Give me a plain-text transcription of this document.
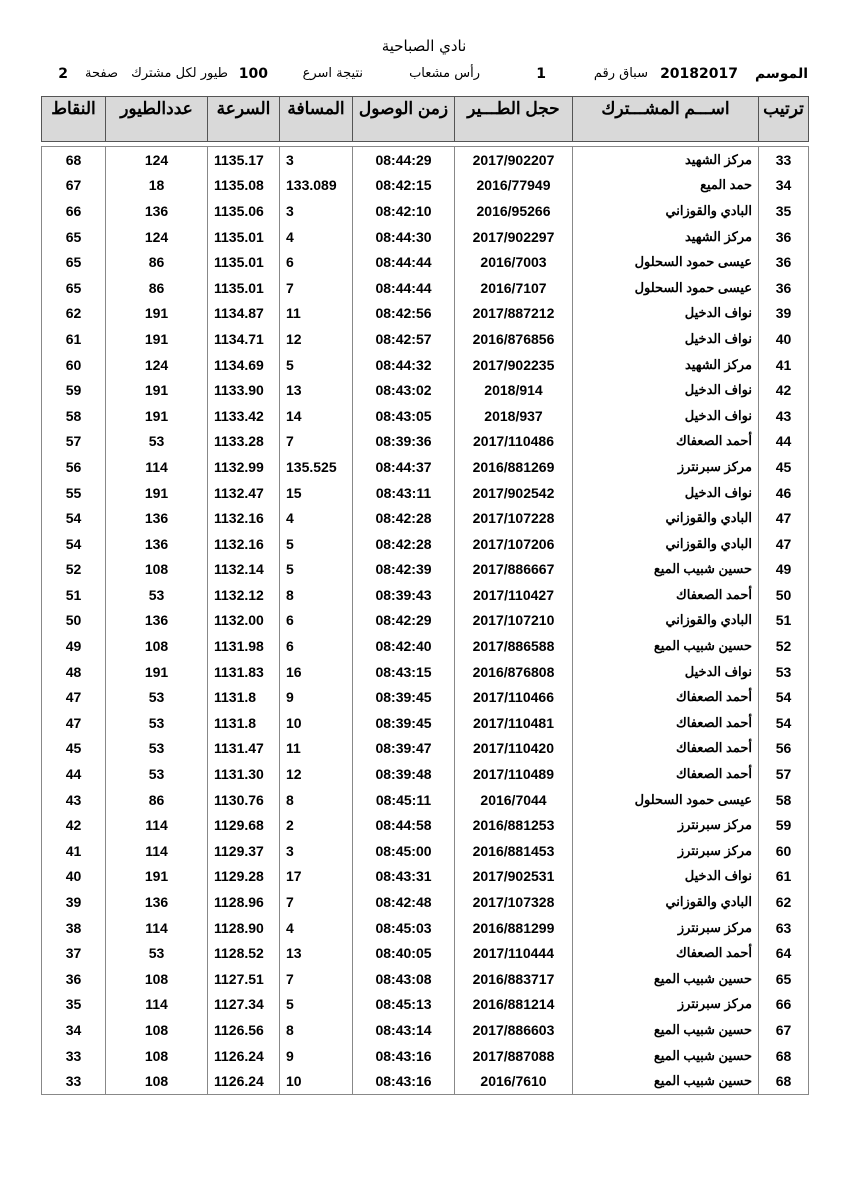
نادي الصباحية
الموسم
20182017
سباق رقم
1
رأس مشعاب
نتيجة اسرع
100
طيور لكل مشترك
صفحة
2
ترتيب	اســـم المشـــترك	حجل الطـــير	زمن الوصول	المسافة	السرعة	عددالطيور	النقاط

33	مركز الشهيد	2017/902207	08:44:29	3	1135.17	124	68
34	حمد الميع	2016/77949	08:42:15	133.089	1135.08	18	67
35	البادي والقوزاني	2016/95266	08:42:10	3	1135.06	136	66
36	مركز الشهيد	2017/902297	08:44:30	4	1135.01	124	65
36	عيسى حمود السحلول	2016/7003	08:44:44	6	1135.01	86	65
36	عيسى حمود السحلول	2016/7107	08:44:44	7	1135.01	86	65
39	نواف الدخيل	2017/887212	08:42:56	11	1134.87	191	62
40	نواف الدخيل	2016/876856	08:42:57	12	1134.71	191	61
41	مركز الشهيد	2017/902235	08:44:32	5	1134.69	124	60
42	نواف الدخيل	2018/914	08:43:02	13	1133.90	191	59
43	نواف الدخيل	2018/937	08:43:05	14	1133.42	191	58
44	أحمد الصعفاك	2017/110486	08:39:36	7	1133.28	53	57
45	مركز سبرنترز	2016/881269	08:44:37	135.525	1132.99	114	56
46	نواف الدخيل	2017/902542	08:43:11	15	1132.47	191	55
47	البادي والقوزاني	2017/107228	08:42:28	4	1132.16	136	54
47	البادي والقوزاني	2017/107206	08:42:28	5	1132.16	136	54
49	حسين شبيب الميع	2017/886667	08:42:39	5	1132.14	108	52
50	أحمد الصعفاك	2017/110427	08:39:43	8	1132.12	53	51
51	البادي والقوزاني	2017/107210	08:42:29	6	1132.00	136	50
52	حسين شبيب الميع	2017/886588	08:42:40	6	1131.98	108	49
53	نواف الدخيل	2016/876808	08:43:15	16	1131.83	191	48
54	أحمد الصعفاك	2017/110466	08:39:45	9	1131.8	53	47
54	أحمد الصعفاك	2017/110481	08:39:45	10	1131.8	53	47
56	أحمد الصعفاك	2017/110420	08:39:47	11	1131.47	53	45
57	أحمد الصعفاك	2017/110489	08:39:48	12	1131.30	53	44
58	عيسى حمود السحلول	2016/7044	08:45:11	8	1130.76	86	43
59	مركز سبرنترز	2016/881253	08:44:58	2	1129.68	114	42
60	مركز سبرنترز	2016/881453	08:45:00	3	1129.37	114	41
61	نواف الدخيل	2017/902531	08:43:31	17	1129.28	191	40
62	البادي والقوزاني	2017/107328	08:42:48	7	1128.96	136	39
63	مركز سبرنترز	2016/881299	08:45:03	4	1128.90	114	38
64	أحمد الصعفاك	2017/110444	08:40:05	13	1128.52	53	37
65	حسين شبيب الميع	2016/883717	08:43:08	7	1127.51	108	36
66	مركز سبرنترز	2016/881214	08:45:13	5	1127.34	114	35
67	حسين شبيب الميع	2017/886603	08:43:14	8	1126.56	108	34
68	حسين شبيب الميع	2017/887088	08:43:16	9	1126.24	108	33
68	حسين شبيب الميع	2016/7610	08:43:16	10	1126.24	108	33
